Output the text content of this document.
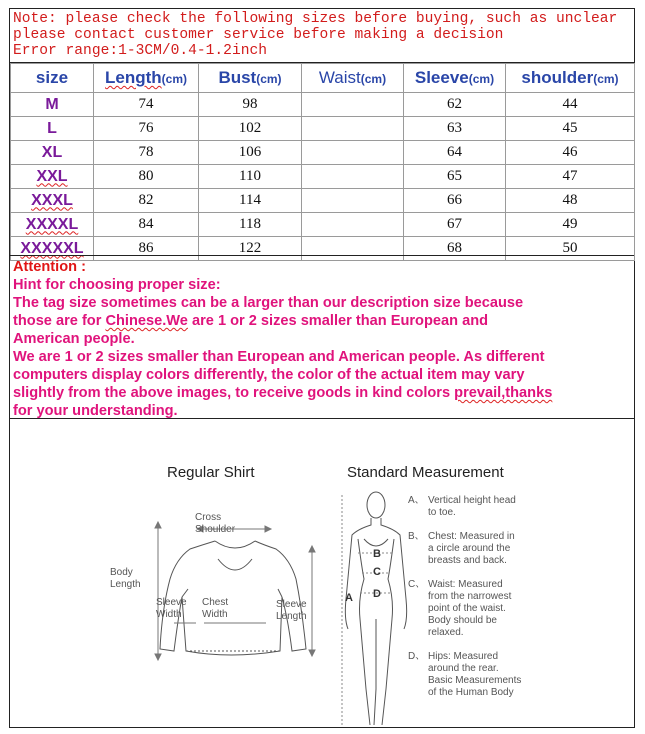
Note: please check the following sizes before buying, such as unclear
please contact customer service before making a decision
Error range:1-3CM/0.4-1.2inch
size	Length(cm)	Bust(cm)	Waist(cm)	Sleeve(cm)	shoulder(cm)
M	74	98		62	44
L	76	102		63	45
XL	78	106		64	46
XXL	80	110		65	47
XXXL	82	114		66	48
XXXXL	84	118		67	49
XXXXXL	86	122		68	50
Attention :
Hint for choosing proper size:
The tag size sometimes can be a larger than our description size because
those are for Chinese.We are 1 or 2 sizes smaller than European and
American people.
We are 1 or 2 sizes smaller than European and American people. As different
computers display colors differently, the color of the actual item may vary
slightly from the above images, to receive goods in kind colors prevail,thanks
for your understanding.
Regular Shirt	Standard Measurement
Cross
Shoulder
Body
Length
Sleeve
Width
Chest
Width
Sleeve
Length
A
B
C
D
A、 Vertical height head
to toe.
B、 Chest: Measured in
a circle around the
breasts and back.
C、 Waist: Measured
from the narrowest
point of the waist.
Body should be
relaxed.
D、 Hips: Measured
around the rear.
Basic Measurements
of the Human Body
